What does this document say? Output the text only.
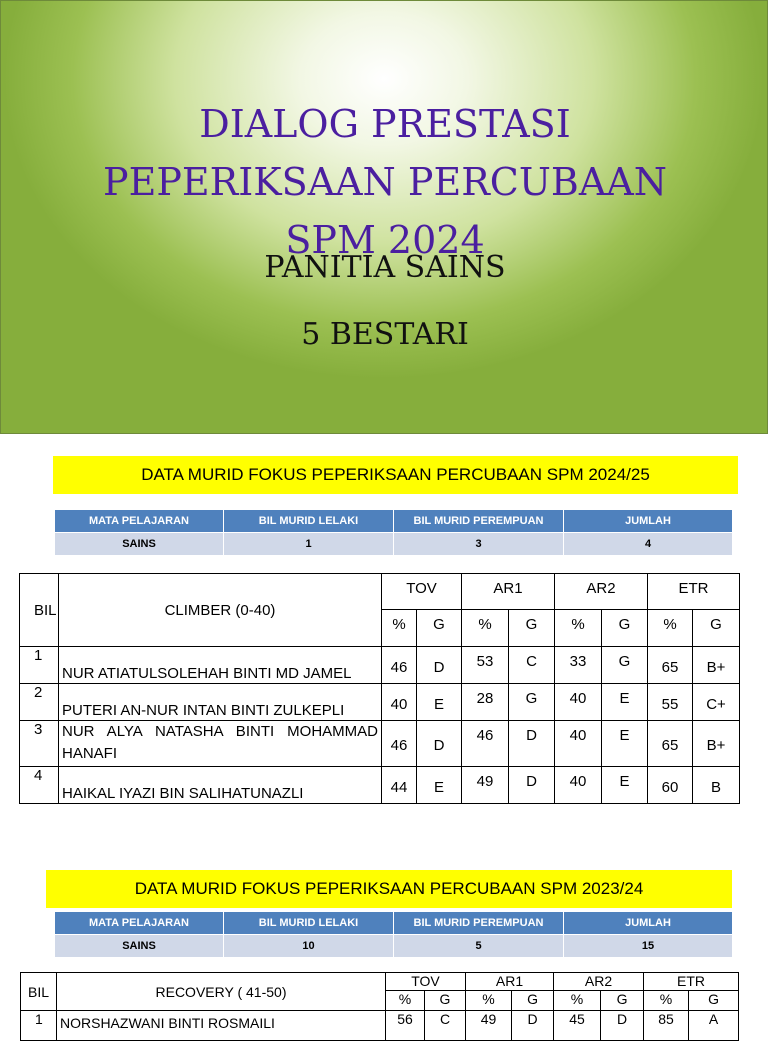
DIALOG PRESTASI
PEPERIKSAAN PERCUBAAN
SPM 2024
PANITIA SAINS
5 BESTARI
DATA MURID FOKUS PEPERIKSAAN PERCUBAAN SPM 2024/25
MATA PELAJARAN	BIL MURID LELAKI	BIL MURID PEREMPUAN	JUMLAH
SAINS	1	3	4
BIL	CLIMBER (0-40)	TOV		AR1		AR2		ETR	
		%	G	%	G	%	G	%	G
1	NUR ATIATULSOLEHAH BINTI MD JAMEL	46	D	53	C	33	G	65	B+
2	PUTERI AN-NUR INTAN BINTI ZULKEPLI	40	E	28	G	40	E	55	C+
3	NUR ALYA NATASHA BINTI MOHAMMAD HANAFI	46	D	46	D	40	E	65	B+
4	HAIKAL IYAZI BIN SALIHATUNAZLI	44	E	49	D	40	E	60	B
DATA MURID FOKUS PEPERIKSAAN PERCUBAAN SPM 2023/24
MATA PELAJARAN	BIL MURID LELAKI	BIL MURID PEREMPUAN	JUMLAH
SAINS	10	5	15
BIL	RECOVERY ( 41-50)	TOV		AR1		AR2		ETR	
		%	G	%	G	%	G	%	G
1	NORSHAZWANI BINTI ROSMAILI	56	C	49	D	45	D	85	A
